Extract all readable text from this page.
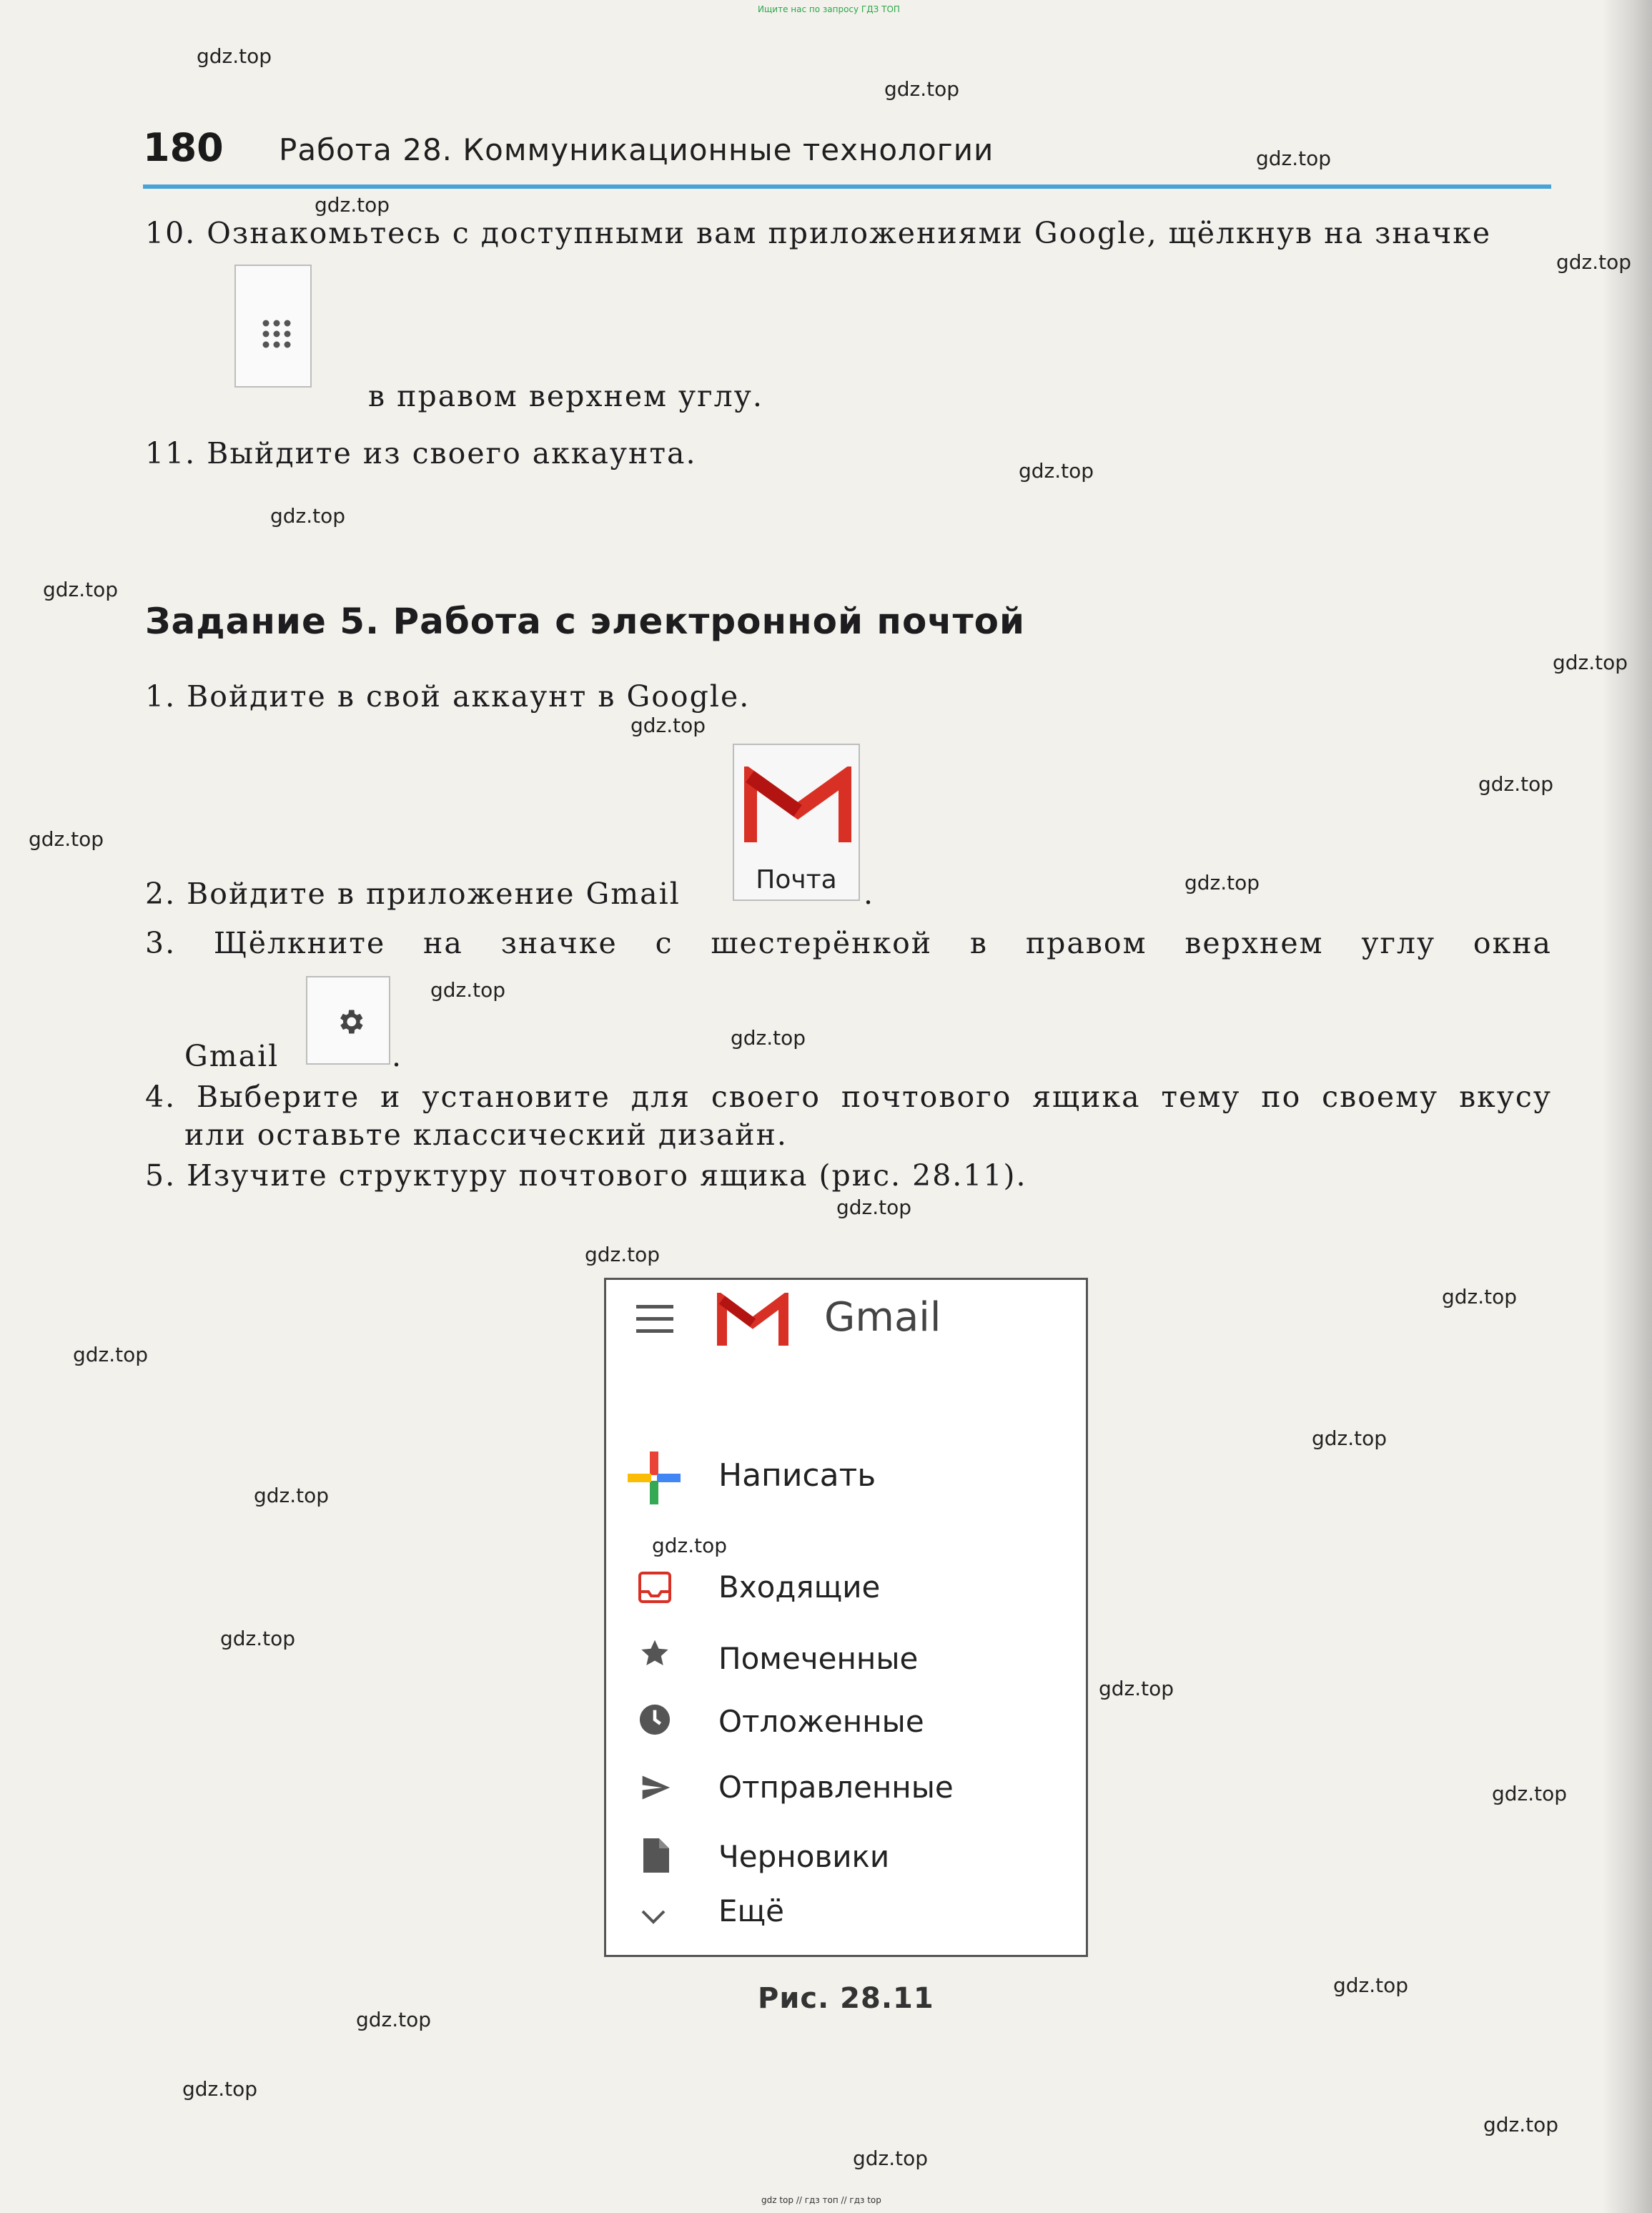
Ищите нас по запросу ГДЗ ТОП
180 Работа 28. Коммуникационные технологии
10. Ознакомьтесь с доступными вам приложениями Google, щёлкнув на значке
в правом верхнем углу.
11. Выйдите из своего аккаунта.
Задание 5. Работа с электронной почтой
1. Войдите в свой аккаунт в Google.
Почта
2. Войдите в приложение Gmail	.
3. Щёлкните на значке с шестерёнкой в правом верхнем углу окна
Gmail	.
4. Выберите и установите для своего почтового ящика тему по своему вкусу
или оставьте классический дизайн.
5. Изучите структуру почтового ящика (рис. 28.11).
Gmail
Написать
Входящие
Помеченные
Отложенные
Отправленные
Черновики
Ещё
Рис. 28.11
gdz.top
gdz.top
gdz.top
gdz.top
gdz.top
gdz.top
gdz.top
gdz.top
gdz.top
gdz.top
gdz.top
gdz.top
gdz.top
gdz.top
gdz.top
gdz.top
gdz.top
gdz.top
gdz.top
gdz.top
gdz.top
gdz.top
gdz.top
gdz.top
gdz.top
gdz.top
gdz.top
gdz.top
gdz.top
gdz.top
gdz top // гдз топ // гдз top
